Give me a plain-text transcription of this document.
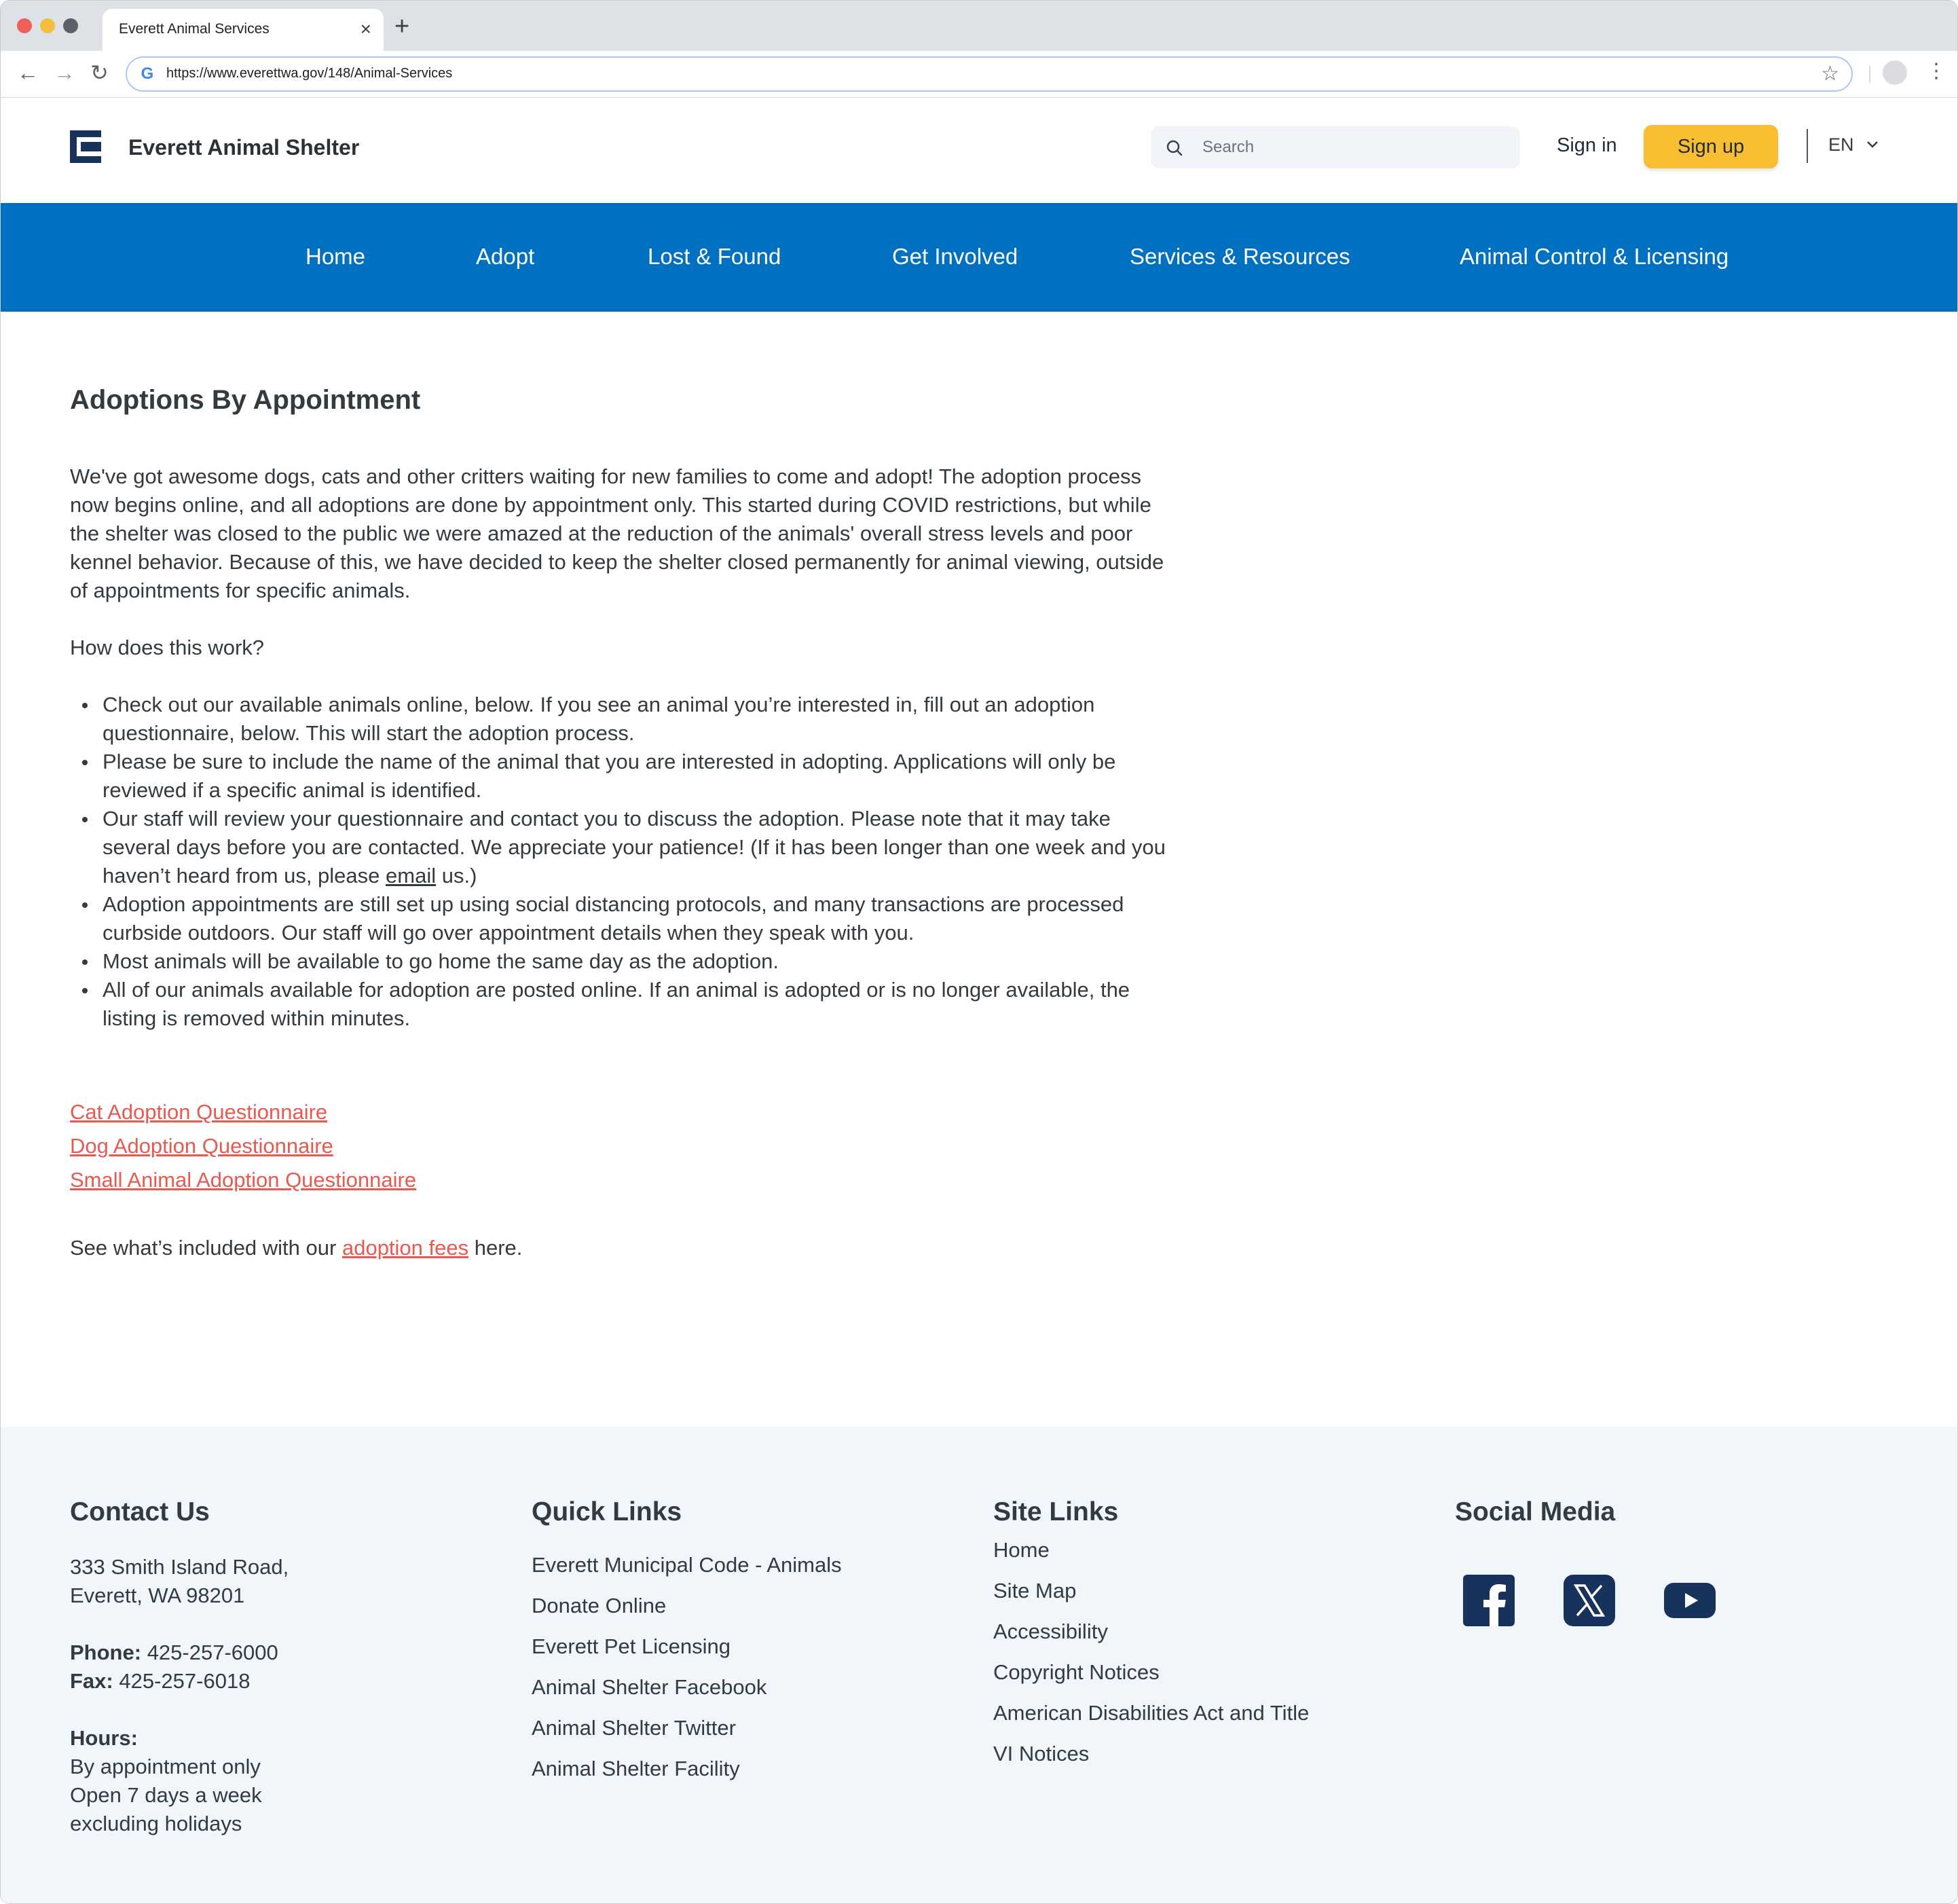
Everett Animal Services	× +
← → ↻ G https://www.everettwa.gov/148/Animal-Services	☆	⋮
Everett Animal Shelter
Search	Sign in	Sign up	EN
Home	Adopt	Lost & Found	Get Involved	Services & Resources	Animal Control & Licensing
Adoptions By Appointment

We've got awesome dogs, cats and other critters waiting for new families to come and adopt! The adoption process now begins online, and all adoptions are done by appointment only. This started during COVID restrictions, but while the shelter was closed to the public we were amazed at the reduction of the animals' overall stress levels and poor kennel behavior. Because of this, we have decided to keep the shelter closed permanently for animal viewing, outside of appointments for specific animals.

How does this work?

Check out our available animals online, below. If you see an animal you’re interested in, fill out an adoption questionnaire, below. This will start the adoption process.
Please be sure to include the name of the animal that you are interested in adopting. Applications will only be reviewed if a specific animal is identified.
Our staff will review your questionnaire and contact you to discuss the adoption. Please note that it may take several days before you are contacted. We appreciate your patience! (If it has been longer than one week and you haven’t heard from us, please email us.)
Adoption appointments are still set up using social distancing protocols, and many transactions are processed curbside outdoors. Our staff will go over appointment details when they speak with you.
Most animals will be available to go home the same day as the adoption.
All of our animals available for adoption are posted online. If an animal is adopted or is no longer available, the listing is removed within minutes.
Cat Adoption Questionnaire
Dog Adoption Questionnaire
Small Animal Adoption Questionnaire

See what’s included with our adoption fees here.

Contact Us

333 Smith Island Road,

Everett, WA 98201

Phone: 425-257-6000

Fax: 425-257-6018

Hours:

By appointment only

Open 7 days a week

excluding holidays

Quick Links
Everett Municipal Code - Animals
Donate Online
Everett Pet Licensing
Animal Shelter Facebook
Animal Shelter Twitter
Animal Shelter Facility
Site Links
Home
Site Map
Accessibility
Copyright Notices
American Disabilities Act and Title
VI Notices
Social Media
